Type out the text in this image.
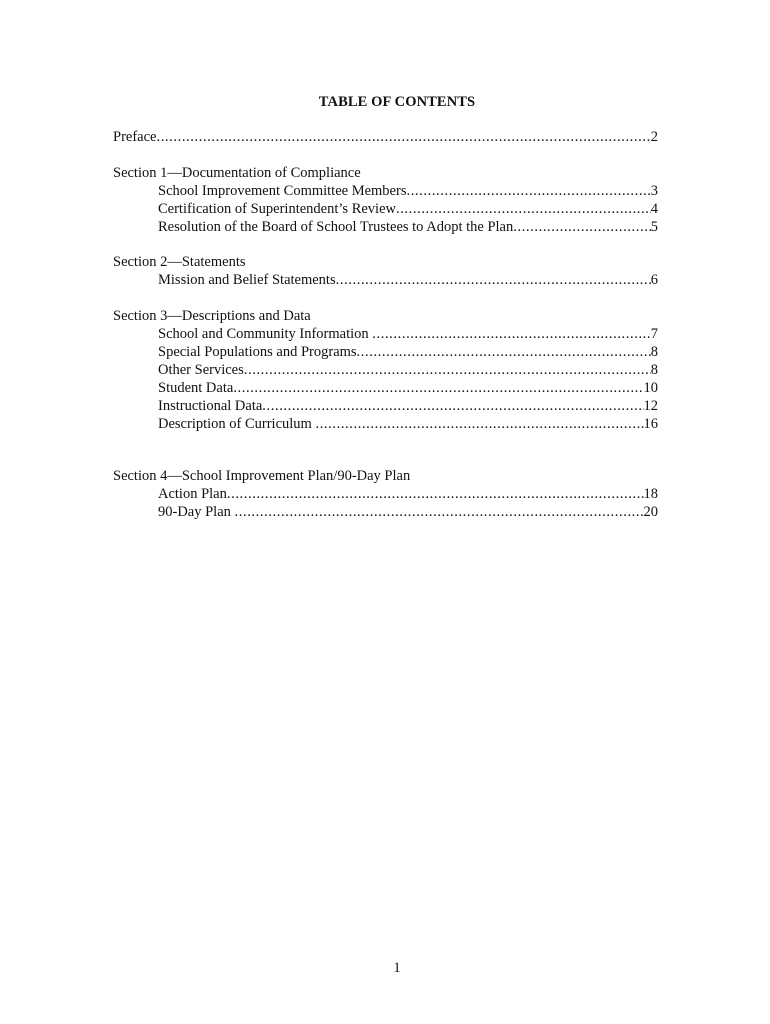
TABLE OF CONTENTS
Preface .....	2
Section 1—Documentation of Compliance
School Improvement Committee Members .....	3
Certification of Superintendent’s Review .....	4
Resolution of the Board of School Trustees to Adopt the Plan .....	5
Section 2—Statements
Mission and Belief Statements .....	6
Section 3—Descriptions and Data
School and Community Information .....	7
Special Populations and Programs .....	8
Other Services .....	8
Student Data .....	10
Instructional Data .....	12
Description of Curriculum .....	16
Section 4—School Improvement Plan/90-Day Plan
Action Plan .....	18
90-Day Plan .....	20
1
